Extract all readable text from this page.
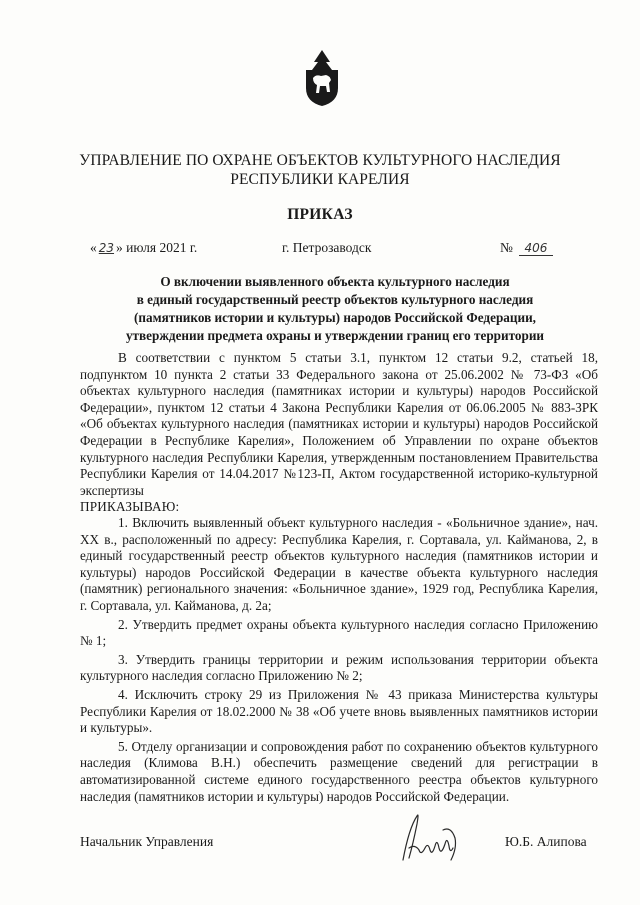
УПРАВЛЕНИЕ ПО ОХРАНЕ ОБЪЕКТОВ КУЛЬТУРНОГО НАСЛЕДИЯ
РЕСПУБЛИКИ КАРЕЛИЯ
ПРИКАЗ
« 23 » июля 2021 г.	г. Петрозаводск	№ 406
О включении выявленного объекта культурного наследия
в единый государственный реестр объектов культурного наследия
(памятников истории и культуры) народов Российской Федерации,
утверждении предмета охраны и утверждении границ его территории

В соответствии с пунктом 5 статьи 3.1, пунктом 12 статьи 9.2, статьей 18, подпунктом 10 пункта 2 статьи 33 Федерального закона от 25.06.2002 № 73-ФЗ «Об объектах культурного наследия (памятниках истории и культуры) народов Российской Федерации», пунктом 12 статьи 4 Закона Республики Карелия от 06.06.2005 № 883-ЗРК «Об объектах культурного наследия (памятниках истории и культуры) народов Российской Федерации в Республике Карелия», Положением об Управлении по охране объектов культурного наследия Республики Карелия, утвержденным постановлением Правительства Республики Карелия от 14.04.2017 №123-П, Актом государственной историко-культурной экспертизы

ПРИКАЗЫВАЮ:

1. Включить выявленный объект культурного наследия - «Больничное здание», нач. XX в., расположенный по адресу: Республика Карелия, г. Сортавала, ул. Кайманова, 2, в единый государственный реестр объектов культурного наследия (памятников истории и культуры) народов Российской Федерации в качестве объекта культурного наследия (памятник) регионального значения: «Больничное здание», 1929 год, Республика Карелия, г. Сортавала, ул. Кайманова, д. 2а;

2. Утвердить предмет охраны объекта культурного наследия согласно Приложению № 1;

3. Утвердить границы территории и режим использования территории объекта культурного наследия согласно Приложению № 2;

4. Исключить строку 29 из Приложения № 43 приказа Министерства культуры Республики Карелия от 18.02.2000 № 38 «Об учете вновь выявленных памятников истории и культуры».

5. Отделу организации и сопровождения работ по сохранению объектов культурного наследия (Климова В.Н.) обеспечить размещение сведений для регистрации в автоматизированной системе единого государственного реестра объектов культурного наследия (памятников истории и культуры) народов Российской Федерации.

Начальник Управления	Ю.Б. Алипова
